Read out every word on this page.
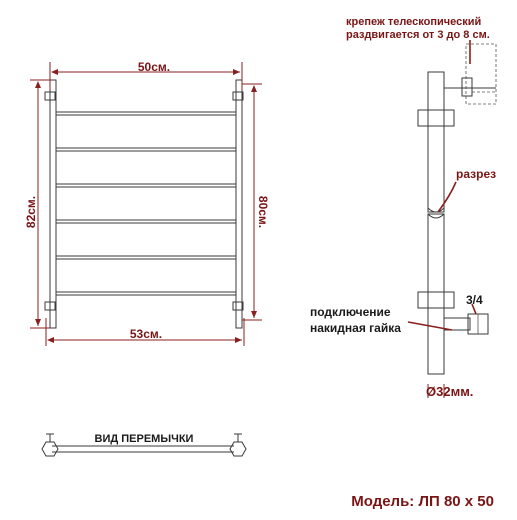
50см.
53см.
82см.	80см.
крепеж телескопический
раздвигается от 3 до 8 см.
разрез
подключение
накидная гайка
3/4
Ø32мм.
ВИД ПЕРЕМЫЧКИ
Модель: ЛП 80 х 50
